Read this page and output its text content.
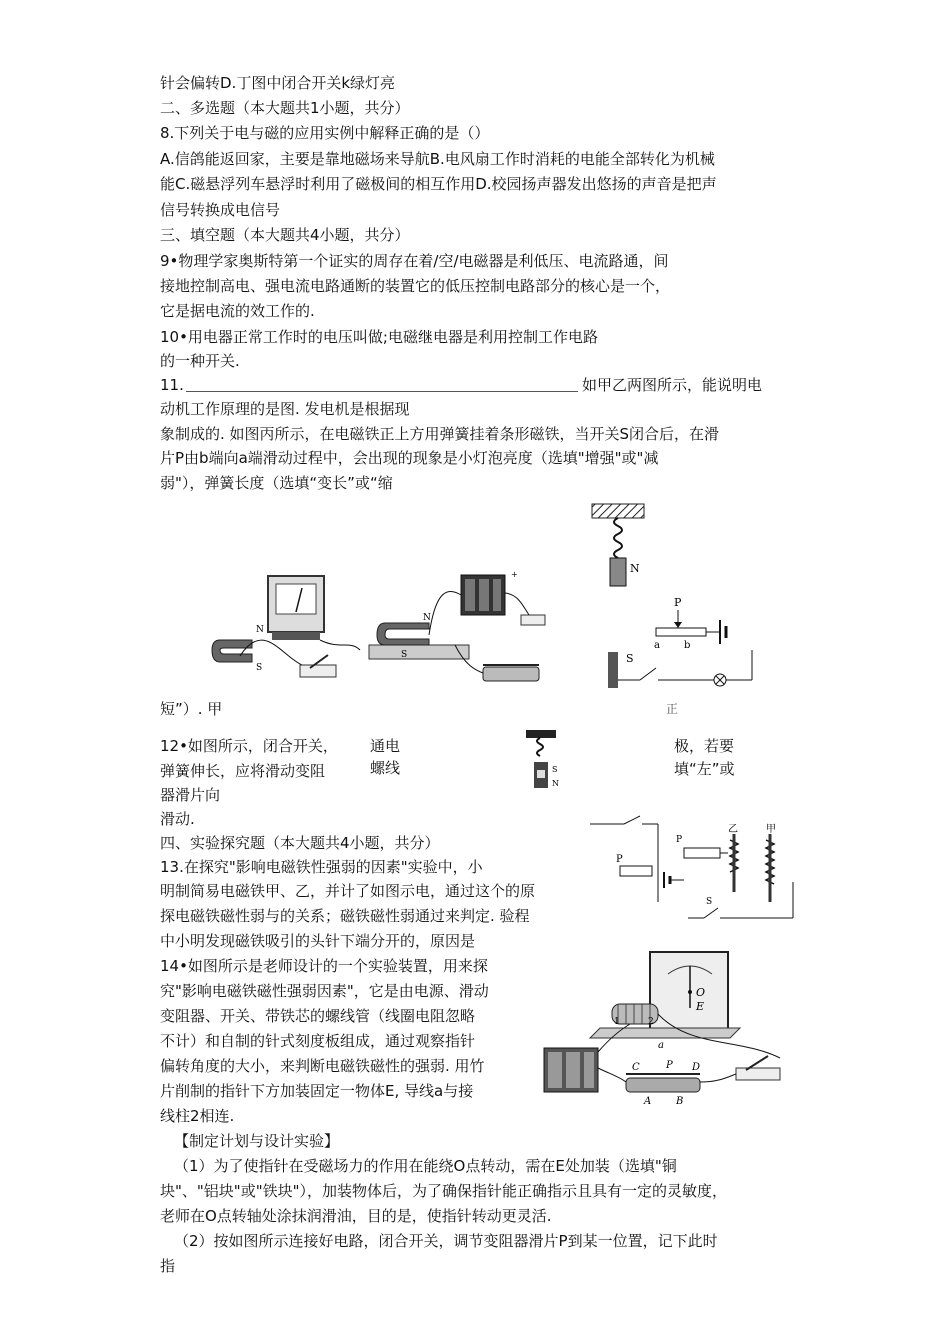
针会偏转D.丁图中闭合开关k绿灯亮
二、多选题（本大题共1小题，共分）
8.下列关于电与磁的应用实例中解释正确的是（）
A.信鸽能返回家，主要是靠地磁场来导航B.电风扇工作时消耗的电能全部转化为机械
能C.磁悬浮列车悬浮时利用了磁极间的相互作用D.校园扬声器发出悠扬的声音是把声
信号转换成电信号
三、填空题（本大题共4小题，共分）
9•物理学家奥斯特第一个证实的周存在着/空/电磁器是利低压、电流路通，间
接地控制高电、强电流电路通断的装置它的低压控制电路部分的核心是一个，
它是据电流的效工作的.
10•用电器正常工作时的电压叫做;电磁继电器是利用控制工作电路
的一种开关.
11.	如甲乙两图所示，能说明电
动机工作原理的是图. 发电机是根据现
象制成的. 如图丙所示，在电磁铁正上方用弹簧挂着条形磁铁，当开关S闭合后，在滑
片P由b端向a端滑动过程中，会出现的现象是小灯泡亮度（选填"增强"或"减
弱"），弹簧长度（选填“变长”或“缩
短”）. 甲	正
12•如图所示，闭合开关，
弹簧伸长，应将滑动变阻
器滑片向
滑动.
通电
螺线
极，若要
填“左”或
四、实验探究题（本大题共4小题，共分）
13.在探究"影响电磁铁性强弱的因素"实验中，小
明制简易电磁铁甲、乙，并计了如图示电，通过这个的原
探电磁铁磁性弱与的关系；磁铁磁性弱通过来判定. 验程
中小明发现磁铁吸引的头针下端分开的，原因是
14•如图所示是老师设计的一个实验装置，用来探
究"影响电磁铁磁性强弱因素"，它是由电源、滑动
变阻器、开关、带铁芯的螺线管（线圈电阻忽略
不计）和自制的针式刻度板组成，通过观察指针
偏转角度的大小，来判断电磁铁磁性的强弱. 用竹
片削制的指针下方加装固定一物体E, 导线a与接
线柱2相连.
【制定计划与设计实验】
（1）为了使指针在受磁场力的作用在能绕O点转动，需在E处加装（选填"铜
块"、"铝块"或"铁块"），加装物体后，为了确保指针能正确指示且具有一定的灵敏度，
老师在O点转轴处涂抹润滑油，目的是，使指针转动更灵活.
（2）按如图所示连接好电路，闭合开关，调节变阻器滑片P到某一位置，记下此时
指
N
S
+
N
S
N
P
a b
S
S
N
P
P
乙	甲
S
O
E
1	2
a
C	P D
A B
